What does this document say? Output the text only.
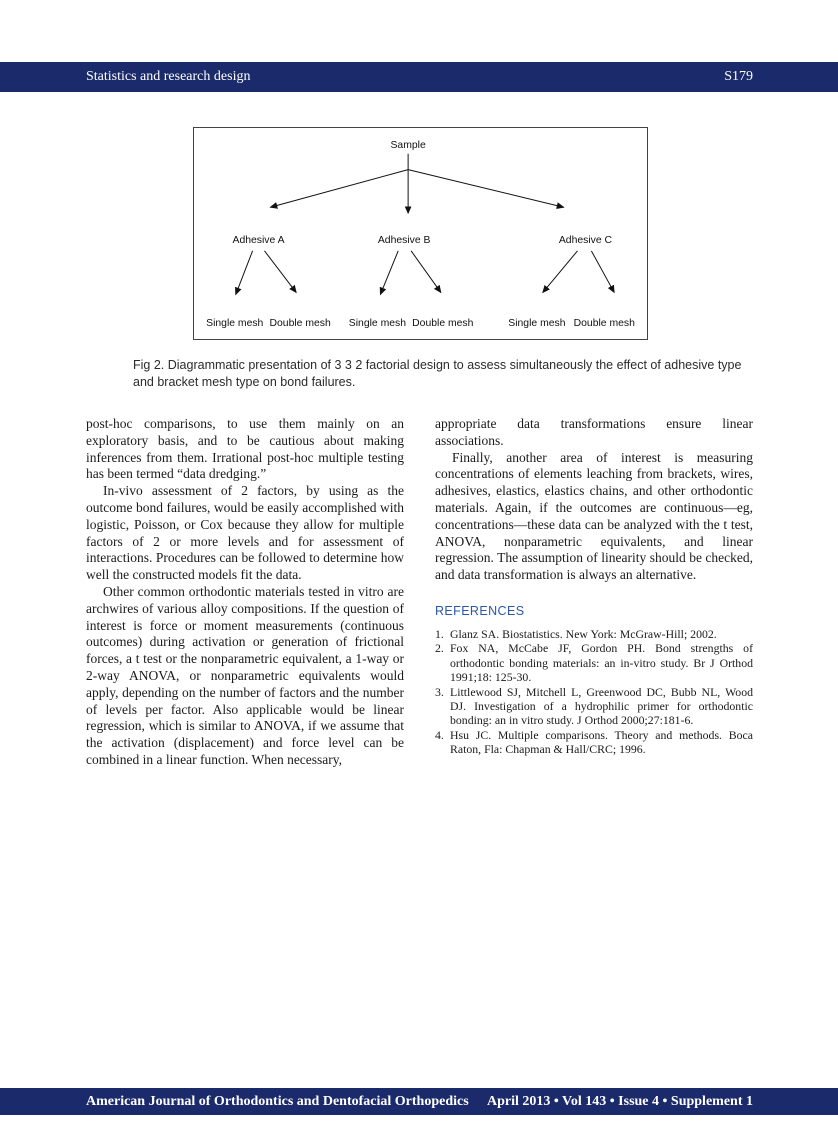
Statistics and research design	S179
Sample
Adhesive A	Adhesive B	Adhesive C
Single mesh Double mesh Single mesh Double mesh	Single mesh Double mesh
Fig 2. Diagrammatic presentation of 3 3 2 factorial design to assess simultaneously the effect of adhesive type and bracket mesh type on bond failures.

post-hoc comparisons, to use them mainly on an exploratory basis, and to be cautious about making inferences from them. Irrational post-hoc multiple testing has been termed “data dredging.”

In-vivo assessment of 2 factors, by using as the outcome bond failures, would be easily accomplished with logistic, Poisson, or Cox because they allow for multiple factors of 2 or more levels and for assessment of interactions. Procedures can be followed to determine how well the constructed models fit the data.

Other common orthodontic materials tested in vitro are archwires of various alloy compositions. If the question of interest is force or moment measurements (continuous outcomes) during activation or generation of frictional forces, a t test or the nonparametric equivalent, a 1-way or 2-way ANOVA, or nonparametric equivalents would apply, depending on the number of factors and the number of levels per factor. Also applicable would be linear regression, which is similar to ANOVA, if we assume that the activation (displacement) and force level can be combined in a linear function. When necessary,

appropriate data transformations ensure linear associations.

Finally, another area of interest is measuring concentrations of elements leaching from brackets, wires, adhesives, elastics, elastics chains, and other orthodontic materials. Again, if the outcomes are continuous—eg, concentrations—these data can be analyzed with the t test, ANOVA, nonparametric equivalents, and linear regression. The assumption of linearity should be checked, and data transformation is always an alternative.

REFERENCES
1. Glanz SA. Biostatistics. New York: McGraw-Hill; 2002.
2. Fox NA, McCabe JF, Gordon PH. Bond strengths of orthodontic bonding materials: an in-vitro study. Br J Orthod 1991;18: 125-30.
3. Littlewood SJ, Mitchell L, Greenwood DC, Bubb NL, Wood DJ. Investigation of a hydrophilic primer for orthodontic bonding: an in vitro study. J Orthod 2000;27:181-6.
4. Hsu JC. Multiple comparisons. Theory and methods. Boca Raton, Fla: Chapman & Hall/CRC; 1996.
American Journal of Orthodontics and Dentofacial Orthopedics April 2013 • Vol 143 • Issue 4 • Supplement 1
